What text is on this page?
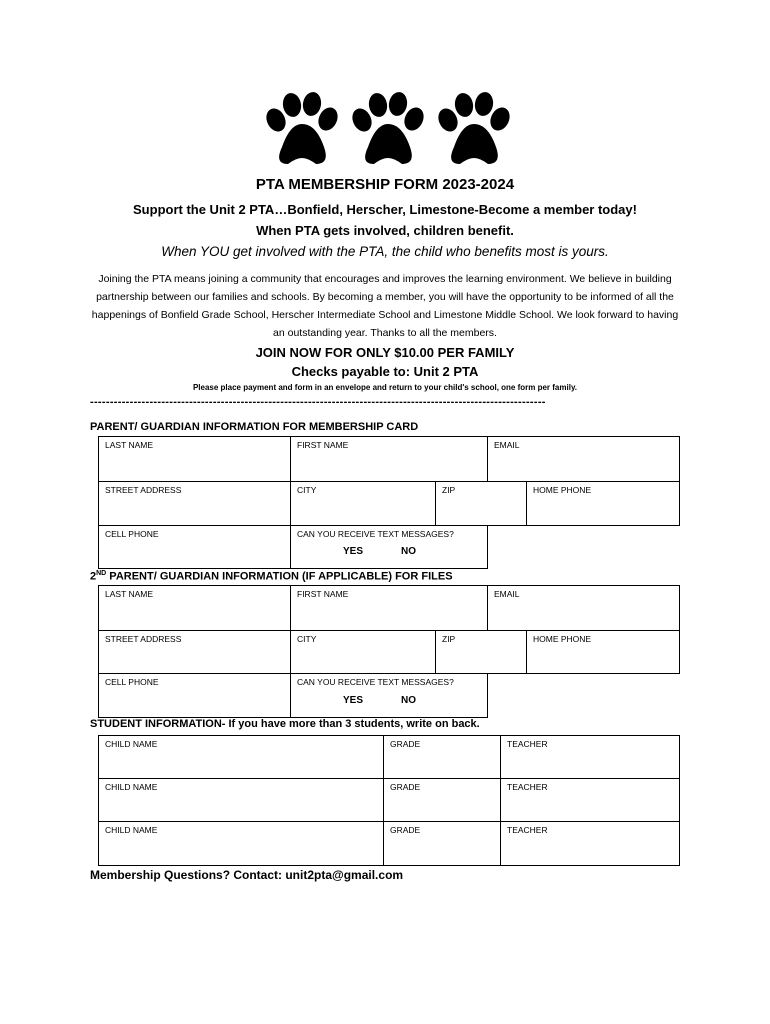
PTA MEMBERSHIP FORM 2023-2024
Support the Unit 2 PTA…Bonfield, Herscher, Limestone-Become a member today!
When PTA gets involved, children benefit.
When YOU get involved with the PTA, the child who benefits most is yours.
Joining the PTA means joining a community that encourages and improves the learning environment. We believe in building partnership between our families and schools. By becoming a member, you will have the opportunity to be informed of all the happenings of Bonfield Grade School, Herscher Intermediate School and Limestone Middle School. We look forward to having an outstanding year. Thanks to all the members.
JOIN NOW FOR ONLY $10.00 PER FAMILY
Checks payable to: Unit 2 PTA
Please place payment and form in an envelope and return to your child's school, one form per family.
-------------------------------------------------------------------------------------------------------------------
PARENT/ GUARDIAN INFORMATION FOR MEMBERSHIP CARD
LAST NAME	FIRST NAME	EMAIL
STREET ADDRESS	CITY	ZIP	HOME PHONE
CELL PHONE	CAN YOU RECEIVE TEXT MESSAGES?
YES	NO
2ND PARENT/ GUARDIAN INFORMATION (IF APPLICABLE) FOR FILES
LAST NAME	FIRST NAME	EMAIL
STREET ADDRESS	CITY	ZIP	HOME PHONE
CELL PHONE	CAN YOU RECEIVE TEXT MESSAGES?
YES	NO
STUDENT INFORMATION- If you have more than 3 students, write on back.
CHILD NAME	GRADE	TEACHER
CHILD NAME	GRADE	TEACHER
CHILD NAME	GRADE	TEACHER
Membership Questions? Contact: unit2pta@gmail.com
